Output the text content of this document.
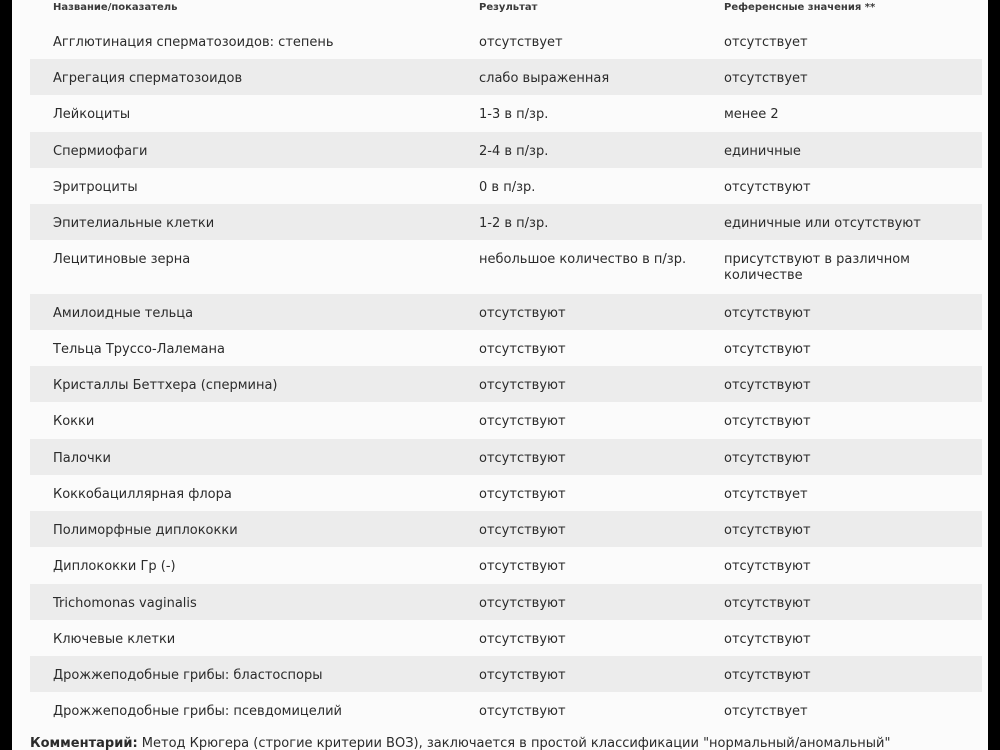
Название/показатель	Результат	Референсные значения **
Агглютинация сперматозоидов: степень	отсутствует	отсутствует
Агрегация сперматозоидов	слабо выраженная	отсутствует
Лейкоциты	1-3 в п/зр.	менее 2
Спермиофаги	2-4 в п/зр.	единичные
Эритроциты	0 в п/зр.	отсутствуют
Эпителиальные клетки	1-2 в п/зр.	единичные или отсутствуют
Лецитиновые зерна	небольшое количество в п/зр.	присутствуют в различном количестве
Амилоидные тельца	отсутствуют	отсутствуют
Тельца Труссо-Лалемана	отсутствуют	отсутствуют
Кристаллы Беттхера (спермина)	отсутствуют	отсутствуют
Кокки	отсутствуют	отсутствуют
Палочки	отсутствуют	отсутствуют
Коккобациллярная флора	отсутствуют	отсутствует
Полиморфные диплококки	отсутствуют	отсутствуют
Диплококки Гр (-)	отсутствуют	отсутствуют
Trichomonas vaginalis	отсутствуют	отсутствуют
Ключевые клетки	отсутствуют	отсутствуют
Дрожжеподобные грибы: бластоспоры	отсутствуют	отсутствуют
Дрожжеподобные грибы: псевдомицелий	отсутствуют	отсутствует
Комментарий: Метод Крюгера (строгие критерии ВОЗ), заключается в простой классификации "нормальный/аномальный"
